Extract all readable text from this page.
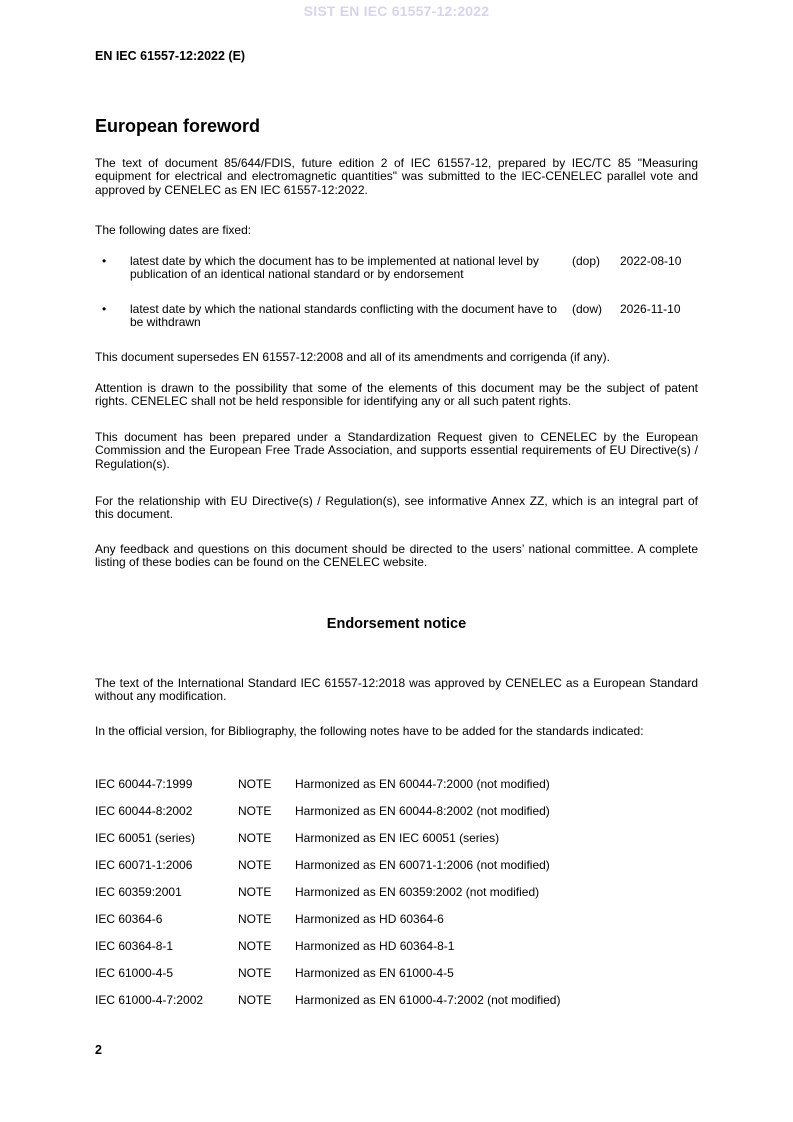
SIST EN IEC 61557-12:2022
EN IEC 61557-12:2022 (E)
European foreword

The text of document 85/644/FDIS, future edition 2 of IEC 61557-12, prepared by IEC/TC 85 "Measuring equipment for electrical and electromagnetic quantities" was submitted to the IEC-CENELEC parallel vote and approved by CENELEC as EN IEC 61557-12:2022.

The following dates are fixed:

• latest date by which the document has to be implemented at national level by publication of an identical national standard or by endorsement
(dop) 2022-08-10
• latest date by which the national standards conflicting with the document have to be withdrawn
(dow) 2026-11-10

This document supersedes EN 61557-12:2008 and all of its amendments and corrigenda (if any).

Attention is drawn to the possibility that some of the elements of this document may be the subject of patent rights. CENELEC shall not be held responsible for identifying any or all such patent rights.

This document has been prepared under a Standardization Request given to CENELEC by the European Commission and the European Free Trade Association, and supports essential requirements of EU Directive(s) / Regulation(s).

For the relationship with EU Directive(s) / Regulation(s), see informative Annex ZZ, which is an integral part of this document.

Any feedback and questions on this document should be directed to the users’ national committee. A complete listing of these bodies can be found on the CENELEC website.

Endorsement notice

The text of the International Standard IEC 61557-12:2018 was approved by CENELEC as a European Standard without any modification.

In the official version, for Bibliography, the following notes have to be added for the standards indicated:

IEC 60044-7:1999	NOTE Harmonized as EN 60044-7:2000 (not modified)
IEC 60044-8:2002	NOTE Harmonized as EN 60044-8:2002 (not modified)
IEC 60051 (series)	NOTE Harmonized as EN IEC 60051 (series)
IEC 60071-1:2006	NOTE Harmonized as EN 60071-1:2006 (not modified)
IEC 60359:2001	NOTE Harmonized as EN 60359:2002 (not modified)
IEC 60364-6	NOTE Harmonized as HD 60364-6
IEC 60364-8-1	NOTE Harmonized as HD 60364-8-1
IEC 61000-4-5	NOTE Harmonized as EN 61000-4-5
IEC 61000-4-7:2002	NOTE Harmonized as EN 61000-4-7:2002 (not modified)
2
